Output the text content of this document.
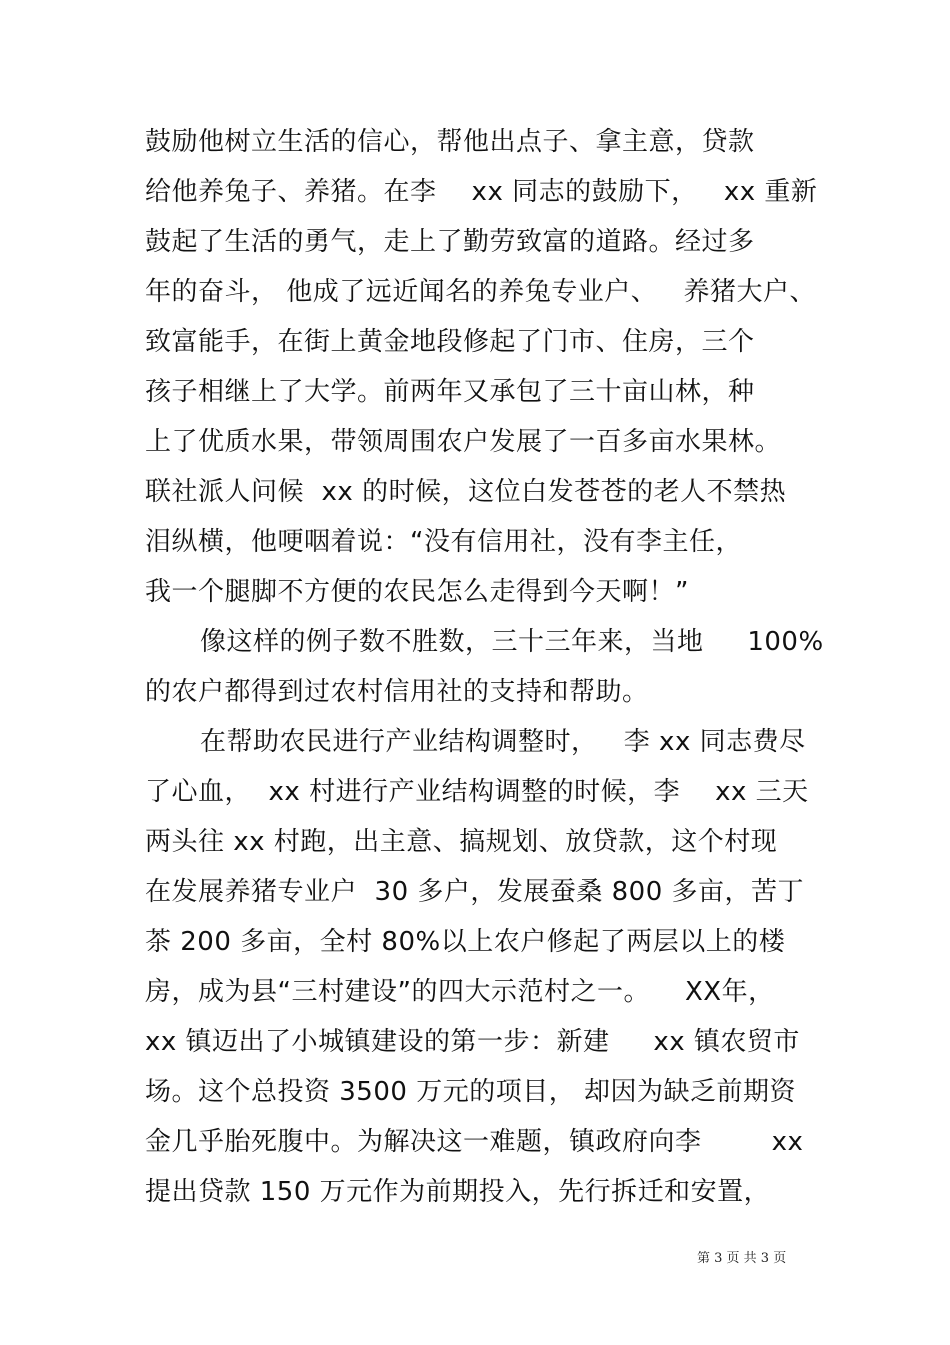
鼓励他树立生活的信心，帮他出点子、拿主意，贷款
给他养兔子、养猪。在李    xx 同志的鼓励下，   xx 重新
鼓起了生活的勇气，走上了勤劳致富的道路。经过多
年的奋斗， 他成了远近闻名的养兔专业户、   养猪大户、
致富能手，在街上黄金地段修起了门市、住房，三个
孩子相继上了大学。前两年又承包了三十亩山林，种
上了优质水果，带领周围农户发展了一百多亩水果林。
联社派人问候  xx 的时候，这位白发苍苍的老人不禁热
泪纵横，他哽咽着说：“没有信用社，没有李主任，
我一个腿脚不方便的农民怎么走得到今天啊！”
像这样的例子数不胜数，三十三年来，当地     100%
的农户都得到过农村信用社的支持和帮助。
在帮助农民进行产业结构调整时，   李 xx 同志费尽
了心血，  xx 村进行产业结构调整的时候，李    xx 三天
两头往 xx 村跑，出主意、搞规划、放贷款，这个村现
在发展养猪专业户  30 多户，发展蚕桑 800 多亩，苦丁
茶 200 多亩，全村 80%以上农户修起了两层以上的楼
房，成为县“三村建设”的四大示范村之一。    XX年，
xx 镇迈出了小城镇建设的第一步：新建     xx 镇农贸市
场。这个总投资 3500 万元的项目， 却因为缺乏前期资
金几乎胎死腹中。为解决这一难题，镇政府向李        xx
提出贷款 150 万元作为前期投入，先行拆迁和安置，
第 3 页 共 3 页
